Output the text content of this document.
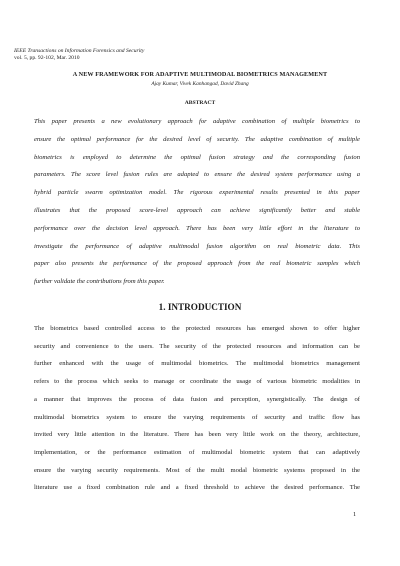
IEEE Transactions on Information Forensics and Security
vol. 5, pp. 92-102, Mar. 2010
A NEW FRAMEWORK FOR ADAPTIVE MULTIMODAL BIOMETRICS MANAGEMENT
Ajay Kumar, Vivek Kanhangad, David Zhang
ABSTRACT
This paper presents a new evolutionary approach for adaptive combination of multiple biometrics to
ensure the optimal performance for the desired level of security. The adaptive combination of multiple
biometrics is employed to determine the optimal fusion strategy and the corresponding fusion
parameters. The score level fusion rules are adapted to ensure the desired system performance using a
hybrid particle swarm optimization model. The rigorous experimental results presented in this paper
illustrates that the proposed score-level approach can achieve significantly better and stable
performance over the decision level approach. There has been very little effort in the literature to
investigate the performance of adaptive multimodal fusion algorithm on real biometric data. This
paper also presents the performance of the proposed approach from the real biometric samples which
further validate the contributions from this paper.
1. INTRODUCTION
The biometrics based controlled access to the protected resources has emerged shown to offer higher
security and convenience to the users. The security of the protected resources and information can be
further enhanced with the usage of multimodal biometrics. The multimodal biometrics management
refers to the process which seeks to manage or coordinate the usage of various biometric modalities in
a manner that improves the process of data fusion and perception, synergistically. The design of
multimodal biometrics system to ensure the varying requirements of security and traffic flow has
invited very little attention in the literature. There has been very little work on the theory, architecture,
implementation, or the performance estimation of multimodal biometric system that can adaptively
ensure the varying security requirements. Most of the multi modal biometric systems proposed in the
literature use a fixed combination rule and a fixed threshold to achieve the desired performance. The
1
